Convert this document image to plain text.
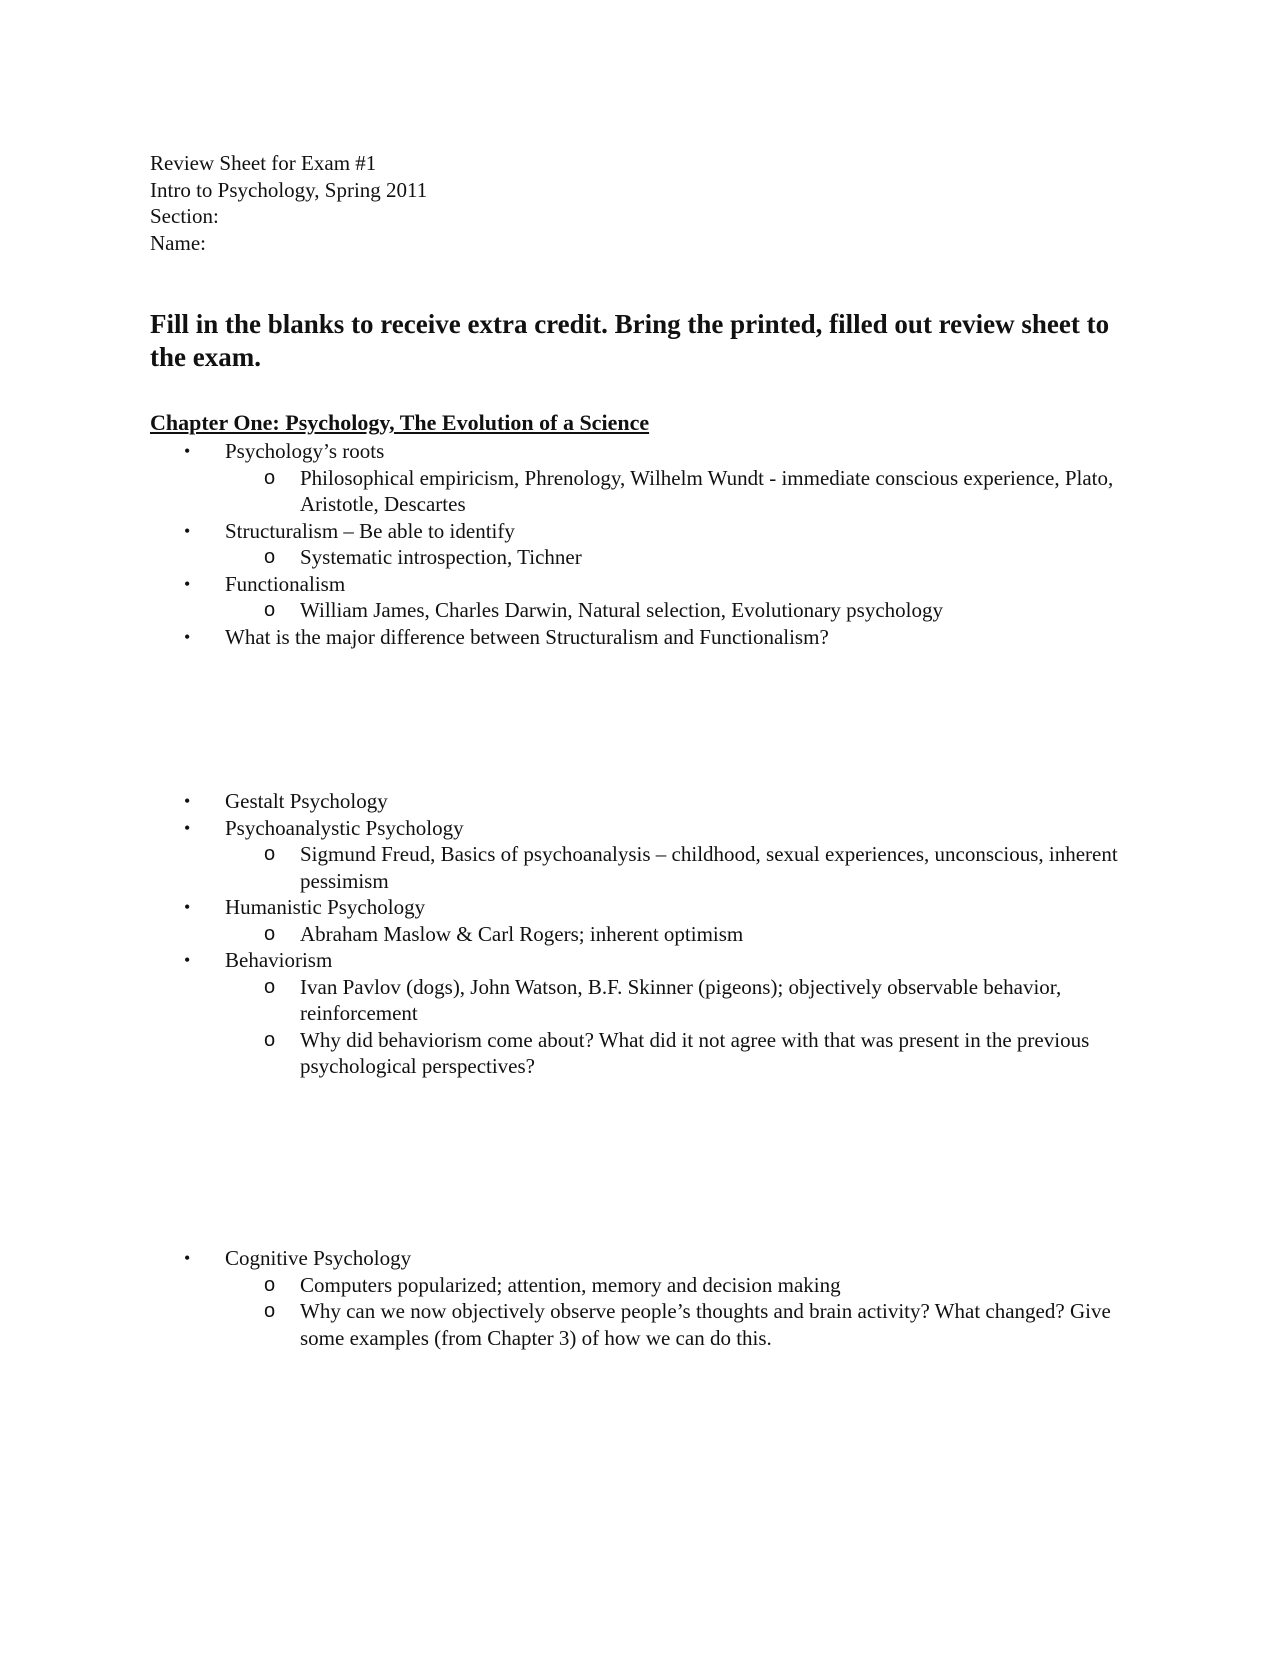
Review Sheet for Exam #1
Intro to Psychology, Spring 2011
Section:
Name:
Fill in the blanks to receive extra credit. Bring the printed, filled out review sheet to the exam.
Chapter One: Psychology, The Evolution of a Science
• Psychology’s roots
o Philosophical empiricism, Phrenology, Wilhelm Wundt - immediate conscious experience, Plato, Aristotle, Descartes
• Structuralism – Be able to identify
o Systematic introspection, Tichner
• Functionalism
o William James, Charles Darwin, Natural selection, Evolutionary psychology
• What is the major difference between Structuralism and Functionalism?
• Gestalt Psychology
• Psychoanalystic Psychology
o Sigmund Freud, Basics of psychoanalysis – childhood, sexual experiences, unconscious, inherent pessimism
• Humanistic Psychology
o Abraham Maslow & Carl Rogers; inherent optimism
• Behaviorism
o Ivan Pavlov (dogs), John Watson, B.F. Skinner (pigeons); objectively observable behavior, reinforcement
o Why did behaviorism come about? What did it not agree with that was present in the previous psychological perspectives?
• Cognitive Psychology
o Computers popularized; attention, memory and decision making
o Why can we now objectively observe people’s thoughts and brain activity? What changed? Give some examples (from Chapter 3) of how we can do this.
